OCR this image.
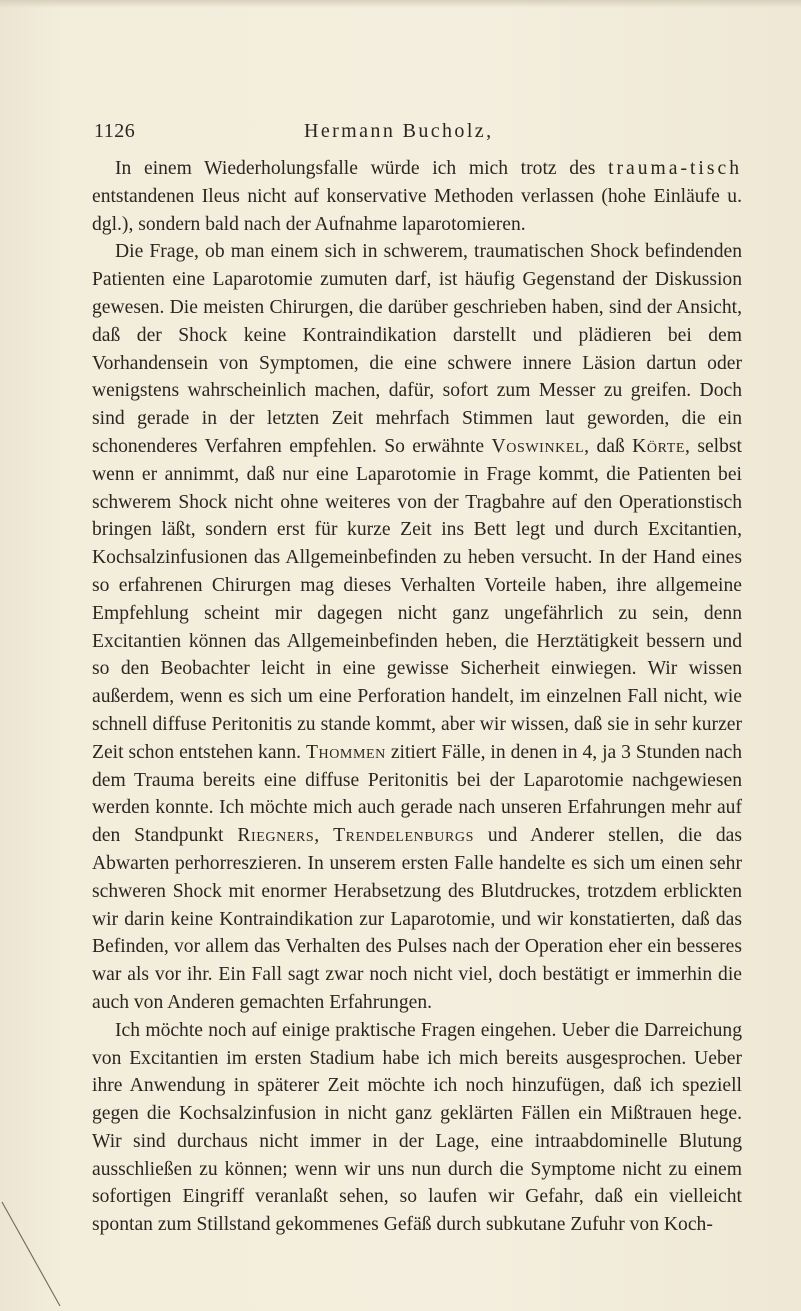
1126	Hermann Bucholz,

In einem Wiederholungsfalle würde ich mich trotz des trauma-tisch entstandenen Ileus nicht auf konservative Methoden verlassen (hohe Einläufe u. dgl.), sondern bald nach der Aufnahme laparotomieren.

Die Frage, ob man einem sich in schwerem, traumatischen Shock befindenden Patienten eine Laparotomie zumuten darf, ist häufig Gegenstand der Diskussion gewesen. Die meisten Chirurgen, die darüber geschrieben haben, sind der Ansicht, daß der Shock keine Kontraindikation darstellt und plädieren bei dem Vorhandensein von Symptomen, die eine schwere innere Läsion dartun oder wenigstens wahrscheinlich machen, dafür, sofort zum Messer zu greifen. Doch sind gerade in der letzten Zeit mehrfach Stimmen laut geworden, die ein schonenderes Verfahren empfehlen. So erwähnte Voswinkel, daß Körte, selbst wenn er annimmt, daß nur eine Laparotomie in Frage kommt, die Patienten bei schwerem Shock nicht ohne weiteres von der Tragbahre auf den Operationstisch bringen läßt, sondern erst für kurze Zeit ins Bett legt und durch Excitantien, Kochsalzinfusionen das Allgemeinbefinden zu heben versucht. In der Hand eines so erfahrenen Chirurgen mag dieses Verhalten Vorteile haben, ihre allgemeine Empfehlung scheint mir dagegen nicht ganz ungefährlich zu sein, denn Excitantien können das Allgemeinbefinden heben, die Herztätigkeit bessern und so den Beobachter leicht in eine gewisse Sicherheit einwiegen. Wir wissen außerdem, wenn es sich um eine Perforation handelt, im einzelnen Fall nicht, wie schnell diffuse Peritonitis zu stande kommt, aber wir wissen, daß sie in sehr kurzer Zeit schon entstehen kann. Thommen zitiert Fälle, in denen in 4, ja 3 Stunden nach dem Trauma bereits eine diffuse Peritonitis bei der Laparotomie nachgewiesen werden konnte. Ich möchte mich auch gerade nach unseren Erfahrungen mehr auf den Standpunkt Riegners, Trendelenburgs und Anderer stellen, die das Abwarten perhorreszieren. In unserem ersten Falle handelte es sich um einen sehr schweren Shock mit enormer Herabsetzung des Blutdruckes, trotzdem erblickten wir darin keine Kontraindikation zur Laparotomie, und wir konstatierten, daß das Befinden, vor allem das Verhalten des Pulses nach der Operation eher ein besseres war als vor ihr. Ein Fall sagt zwar noch nicht viel, doch bestätigt er immerhin die auch von Anderen gemachten Erfahrungen.

Ich möchte noch auf einige praktische Fragen eingehen. Ueber die Darreichung von Excitantien im ersten Stadium habe ich mich bereits ausgesprochen. Ueber ihre Anwendung in späterer Zeit möchte ich noch hinzufügen, daß ich speziell gegen die Kochsalzinfusion in nicht ganz geklärten Fällen ein Mißtrauen hege. Wir sind durchaus nicht immer in der Lage, eine intraabdominelle Blutung ausschließen zu können; wenn wir uns nun durch die Symptome nicht zu einem sofortigen Eingriff veranlaßt sehen, so laufen wir Gefahr, daß ein vielleicht spontan zum Stillstand gekommenes Gefäß durch subkutane Zufuhr von Koch-
